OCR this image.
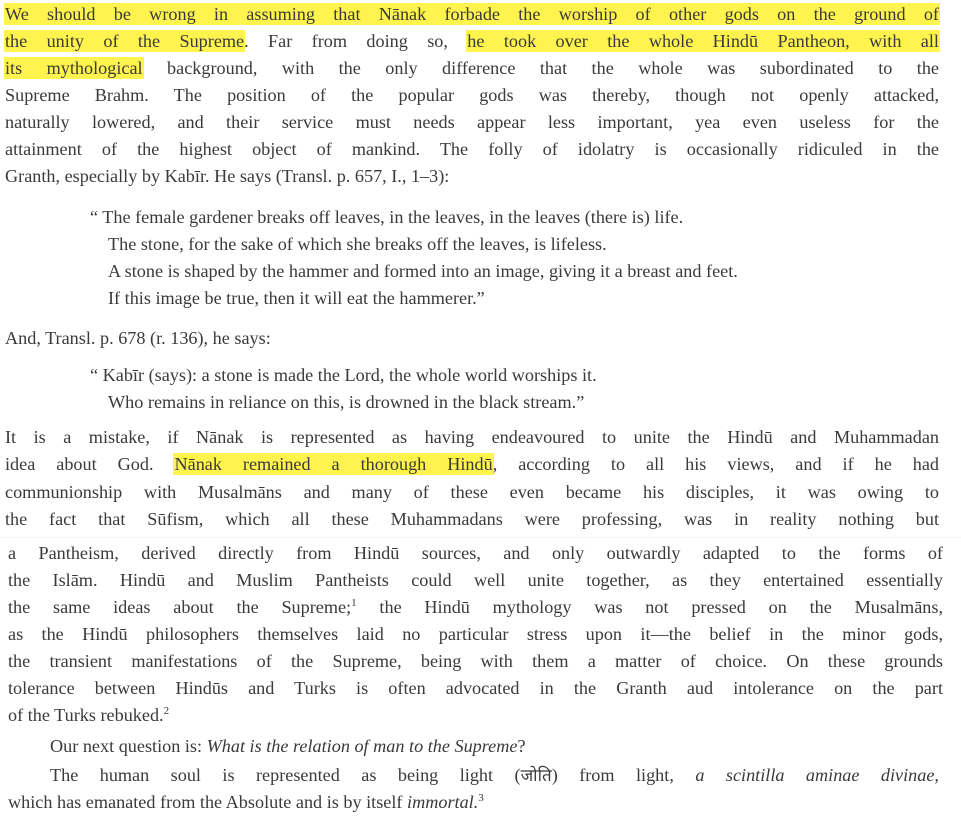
We should be wrong in assuming that Nānak forbade the worship of other gods on the ground of
the unity of the Supreme. Far from doing so, he took over the whole Hindū Pantheon, with all
its mythological background, with the only difference that the whole was subordinated to the
Supreme Brahm. The position of the popular gods was thereby, though not openly attacked,
naturally lowered, and their service must needs appear less important, yea even useless for the
attainment of the highest object of mankind. The folly of idolatry is occasionally ridiculed in the
Granth, especially by Kabīr. He says (Transl. p. 657, I., 1–3):
“ The female gardener breaks off leaves, in the leaves, in the leaves (there is) life.
The stone, for the sake of which she breaks off the leaves, is lifeless.
A stone is shaped by the hammer and formed into an image, giving it a breast and feet.
If this image be true, then it will eat the hammerer.”
And, Transl. p. 678 (r. 136), he says:
“ Kabīr (says): a stone is made the Lord, the whole world worships it.
Who remains in reliance on this, is drowned in the black stream.”
It is a mistake, if Nānak is represented as having endeavoured to unite the Hindū and Muhammadan
idea about God. Nānak remained a thorough Hindū, according to all his views, and if he had
communionship with Musalmāns and many of these even became his disciples, it was owing to
the fact that Sūfism, which all these Muhammadans were professing, was in reality nothing but
a Pantheism, derived directly from Hindū sources, and only outwardly adapted to the forms of
the Islām. Hindū and Muslim Pantheists could well unite together, as they entertained essentially
the same ideas about the Supreme;$^1$ the Hindū mythology was not pressed on the Musalmāns,
as the Hindū philosophers themselves laid no particular stress upon it—the belief in the minor gods,
the transient manifestations of the Supreme, being with them a matter of choice. On these grounds
tolerance between Hindūs and Turks is often advocated in the Granth aud intolerance on the part
of the Turks rebuked.$^2$
Our next question is: What is the relation of man to the Supreme?
The human soul is represented as being light (जोति) from light, a scintilla aminae divinae,
which has emanated from the Absolute and is by itself immortal.$^3$
